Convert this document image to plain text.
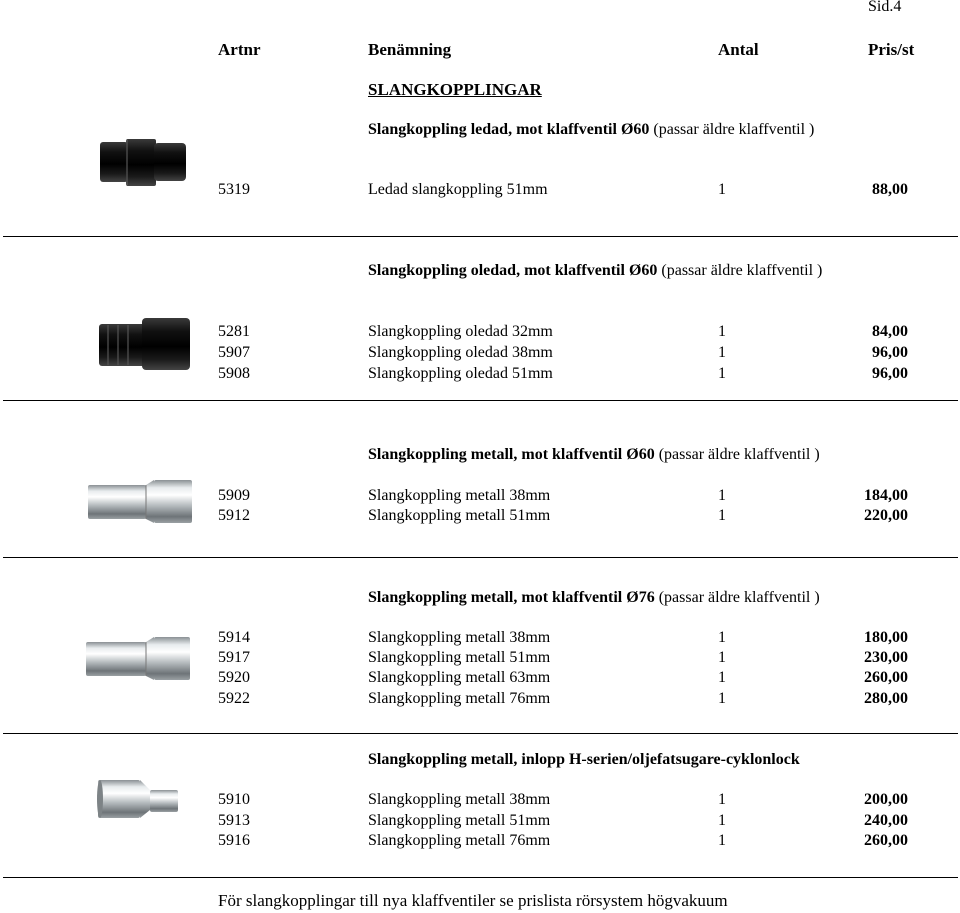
Sid.4
Artnr	Benämning	Antal	Pris/st
SLANGKOPPLINGAR
Slangkoppling ledad, mot klaffventil Ø60 (passar äldre klaffventil )
5319	Ledad slangkoppling 51mm	1	88,00
Slangkoppling oledad, mot klaffventil Ø60 (passar äldre klaffventil )
5281	Slangkoppling oledad 32mm	1	84,00
5907	Slangkoppling oledad 38mm	1	96,00
5908	Slangkoppling oledad 51mm	1	96,00
Slangkoppling metall, mot klaffventil Ø60 (passar äldre klaffventil )
5909	Slangkoppling metall 38mm	1	184,00
5912	Slangkoppling metall 51mm	1	220,00
Slangkoppling metall, mot klaffventil Ø76 (passar äldre klaffventil )
5914	Slangkoppling metall 38mm	1	180,00
5917	Slangkoppling metall 51mm	1	230,00
5920	Slangkoppling metall 63mm	1	260,00
5922	Slangkoppling metall 76mm	1	280,00
Slangkoppling metall, inlopp H-serien/oljefatsugare-cyklonlock
5910	Slangkoppling metall 38mm	1	200,00
5913	Slangkoppling metall 51mm	1	240,00
5916	Slangkoppling metall 76mm	1	260,00
För slangkopplingar till nya klaffventiler se prislista rörsystem högvakuum
